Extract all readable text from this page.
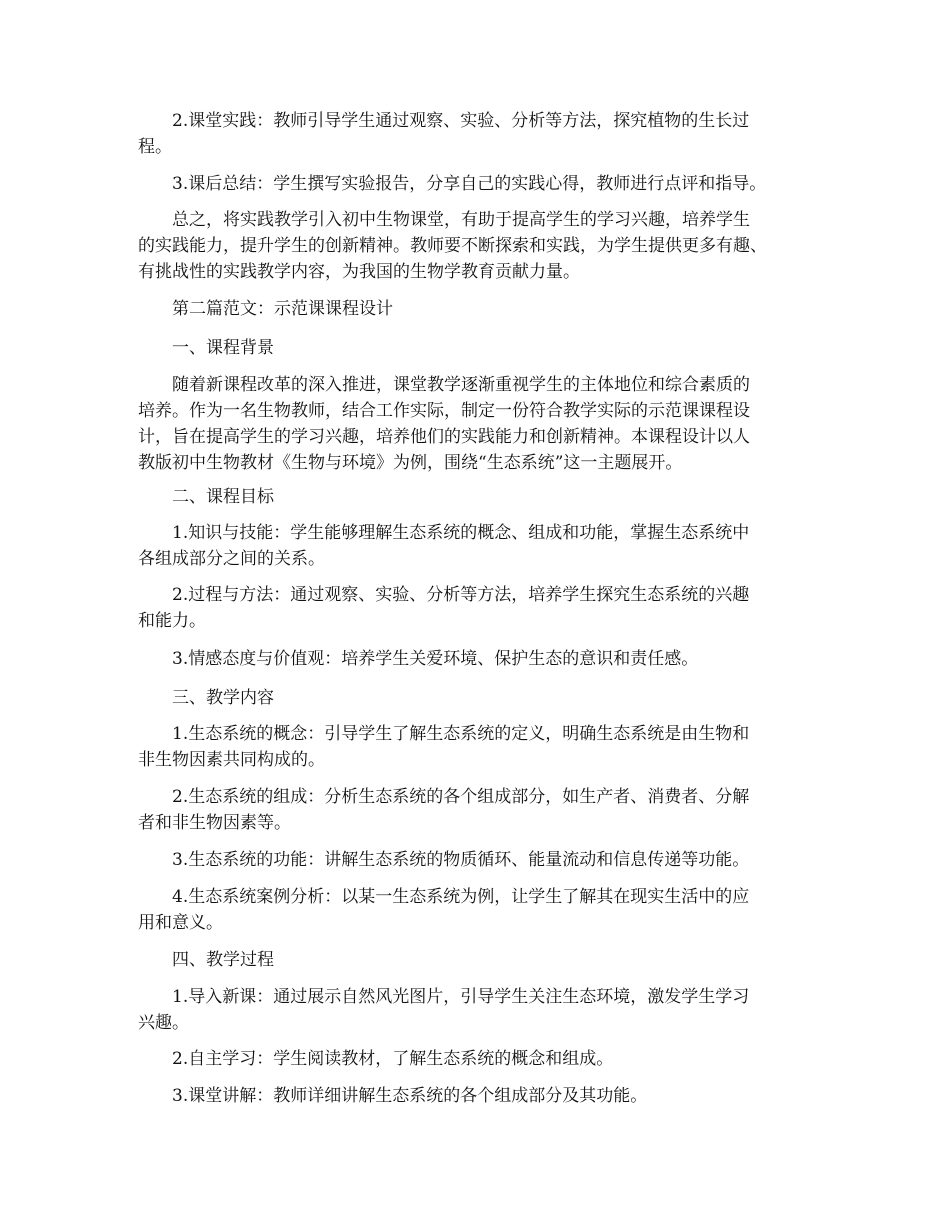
2.课堂实践：教师引导学生通过观察、实验、分析等方法，探究植物的生长过
程。
3.课后总结：学生撰写实验报告，分享自己的实践心得，教师进行点评和指导。
总之，将实践教学引入初中生物课堂，有助于提高学生的学习兴趣，培养学生
的实践能力，提升学生的创新精神。教师要不断探索和实践，为学生提供更多有趣、
有挑战性的实践教学内容，为我国的生物学教育贡献力量。
第二篇范文：示范课课程设计
一、课程背景
随着新课程改革的深入推进，课堂教学逐渐重视学生的主体地位和综合素质的
培养。作为一名生物教师，结合工作实际，制定一份符合教学实际的示范课课程设
计，旨在提高学生的学习兴趣，培养他们的实践能力和创新精神。本课程设计以人
教版初中生物教材《生物与环境》为例，围绕“生态系统”这一主题展开。
二、课程目标
1.知识与技能：学生能够理解生态系统的概念、组成和功能，掌握生态系统中
各组成部分之间的关系。
2.过程与方法：通过观察、实验、分析等方法，培养学生探究生态系统的兴趣
和能力。
3.情感态度与价值观：培养学生关爱环境、保护生态的意识和责任感。
三、教学内容
1.生态系统的概念：引导学生了解生态系统的定义，明确生态系统是由生物和
非生物因素共同构成的。
2.生态系统的组成：分析生态系统的各个组成部分，如生产者、消费者、分解
者和非生物因素等。
3.生态系统的功能：讲解生态系统的物质循环、能量流动和信息传递等功能。
4.生态系统案例分析：以某一生态系统为例，让学生了解其在现实生活中的应
用和意义。
四、教学过程
1.导入新课：通过展示自然风光图片，引导学生关注生态环境，激发学生学习
兴趣。
2.自主学习：学生阅读教材，了解生态系统的概念和组成。
3.课堂讲解：教师详细讲解生态系统的各个组成部分及其功能。
